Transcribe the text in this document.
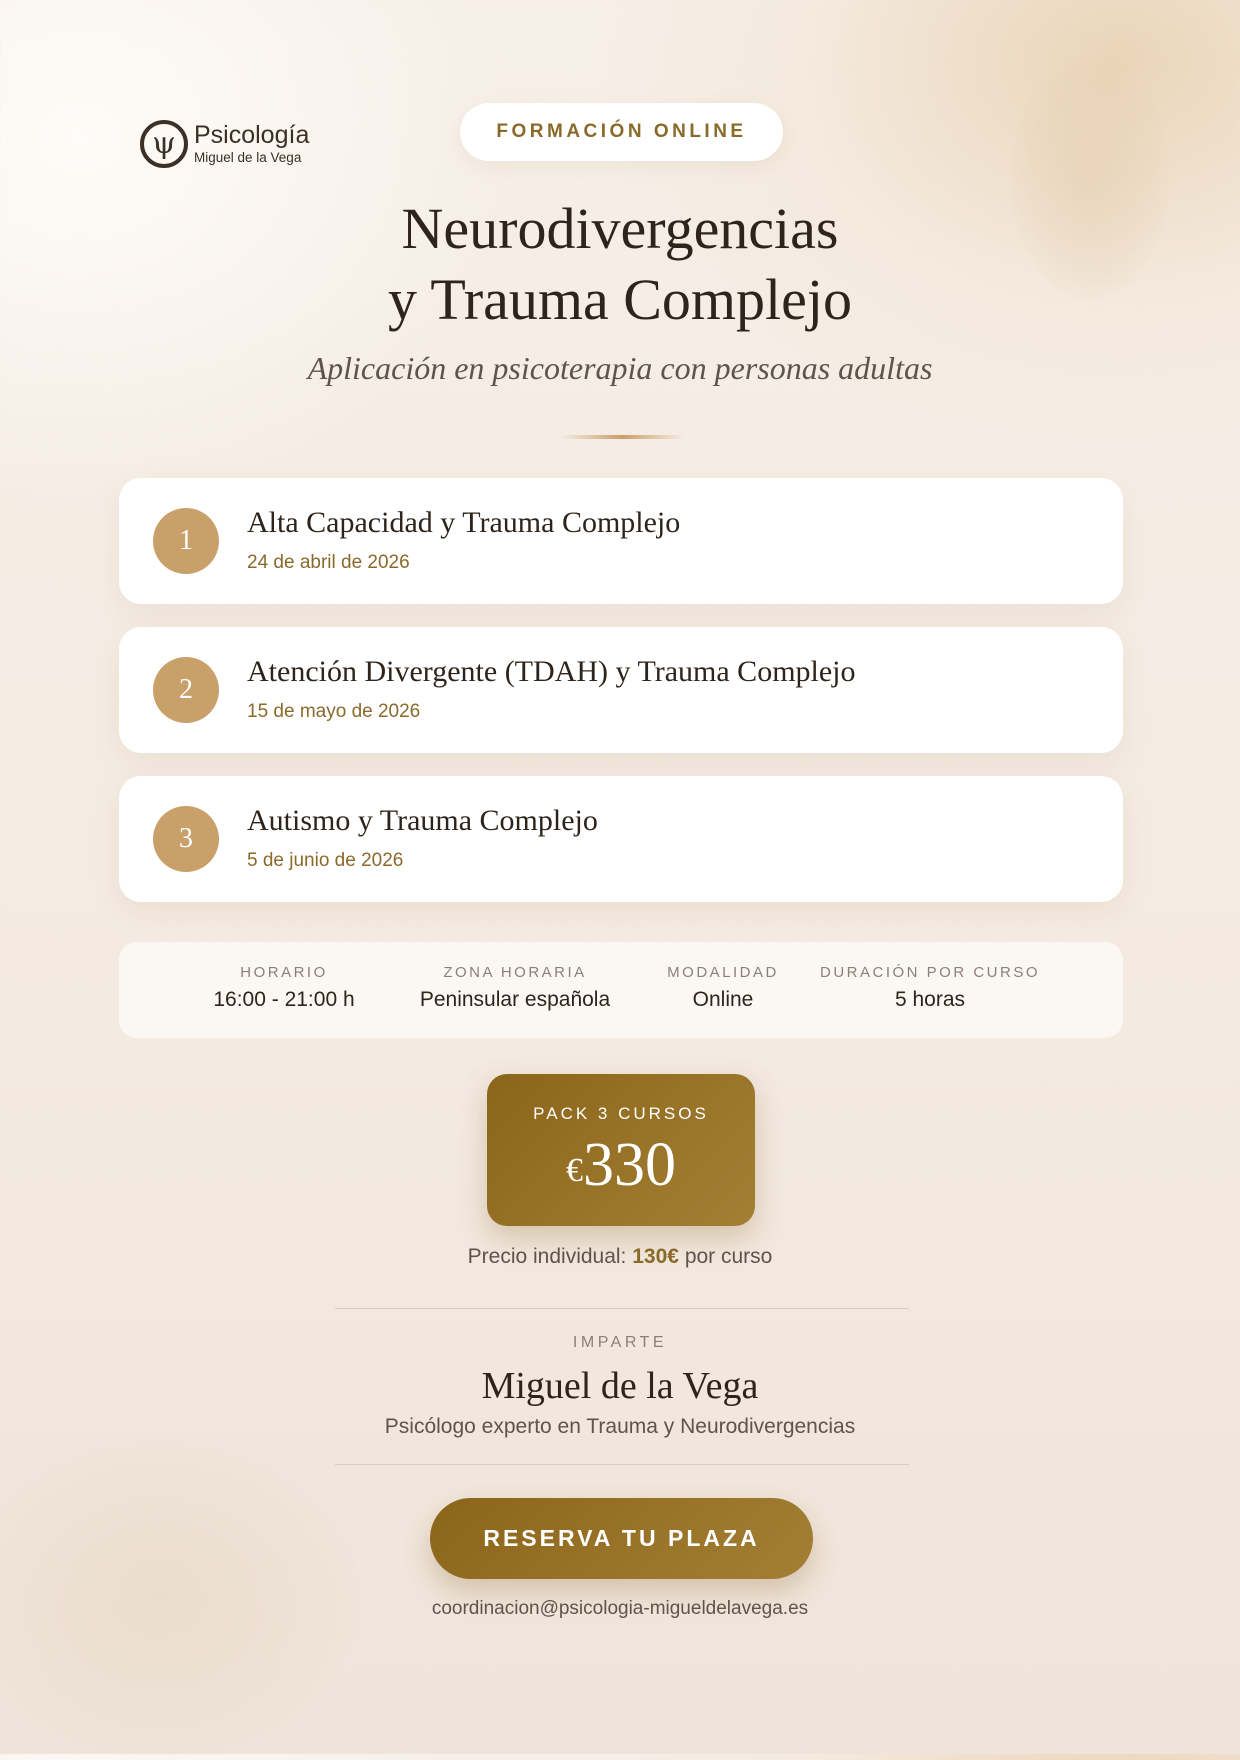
ψ Psicología
Miguel de la Vega
FORMACIÓN ONLINE
Neurodivergencias
y Trauma Complejo
Aplicación en psicoterapia con personas adultas
1
Alta Capacidad y Trauma Complejo
24 de abril de 2026
2
Atención Divergente (TDAH) y Trauma Complejo
15 de mayo de 2026
3
Autismo y Trauma Complejo
5 de junio de 2026
HORARIO
16:00 - 21:00 h
ZONA HORARIA
Peninsular española
MODALIDAD
Online
DURACIÓN POR CURSO
5 horas
PACK 3 CURSOS
€330
Precio individual: 130€ por curso
IMPARTE
Miguel de la Vega
Psicólogo experto en Trauma y Neurodivergencias
RESERVA TU PLAZA
coordinacion@psicologia-migueldelavega.es
